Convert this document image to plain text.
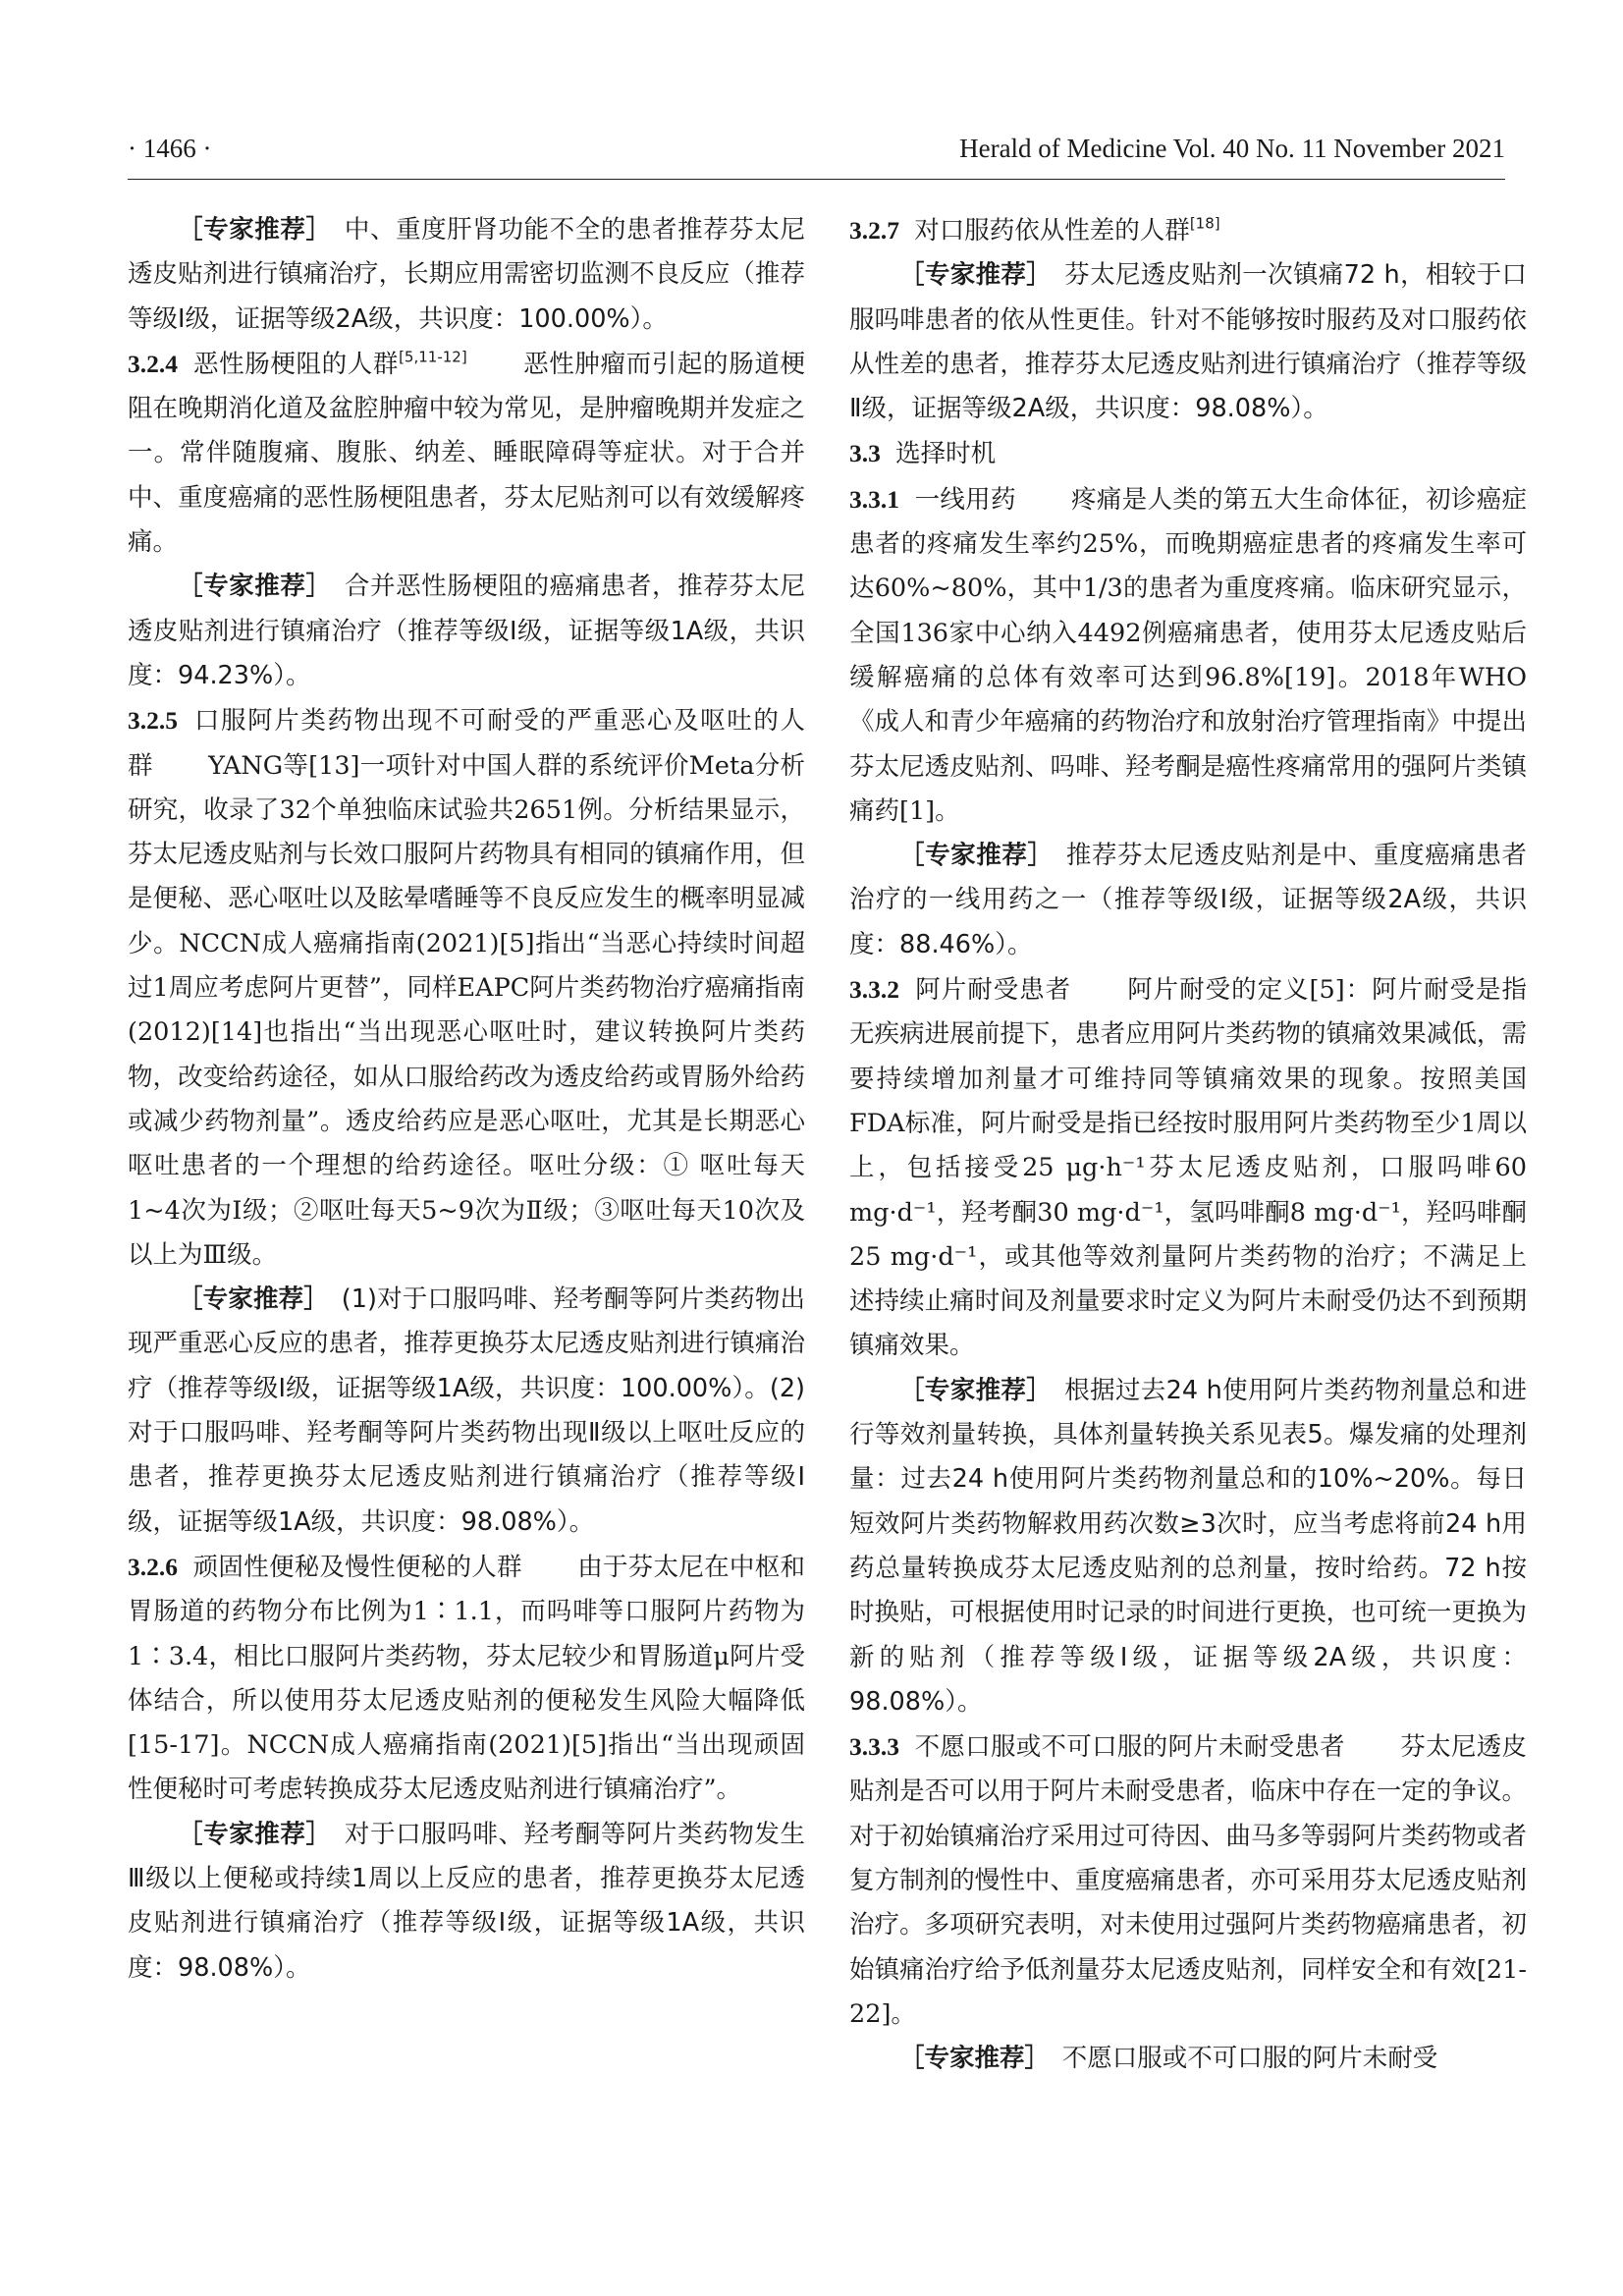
· 1466 ·	Herald of Medicine Vol. 40 No. 11 November 2021

［专家推荐］　中、重度肝肾功能不全的患者推荐芬太尼透皮贴剂进行镇痛治疗，长期应用需密切监测不良反应（推荐等级Ⅰ级，证据等级2A级，共识度：100.00%）。

3.2.4 恶性肠梗阻的人群[5,11-12]　恶性肿瘤而引起的肠道梗阻在晚期消化道及盆腔肿瘤中较为常见，是肿瘤晚期并发症之一。常伴随腹痛、腹胀、纳差、睡眠障碍等症状。对于合并中、重度癌痛的恶性肠梗阻患者，芬太尼贴剂可以有效缓解疼痛。

［专家推荐］　合并恶性肠梗阻的癌痛患者，推荐芬太尼透皮贴剂进行镇痛治疗（推荐等级Ⅰ级，证据等级1A级，共识度：94.23%）。

3.2.5 口服阿片类药物出现不可耐受的严重恶心及呕吐的人群　YANG等[13]一项针对中国人群的系统评价Meta分析研究，收录了32个单独临床试验共2651例。分析结果显示，芬太尼透皮贴剂与长效口服阿片药物具有相同的镇痛作用，但是便秘、恶心呕吐以及眩晕嗜睡等不良反应发生的概率明显减少。NCCN成人癌痛指南(2021)[5]指出“当恶心持续时间超过1周应考虑阿片更替”，同样EAPC阿片类药物治疗癌痛指南(2012)[14]也指出“当出现恶心呕吐时，建议转换阿片类药物，改变给药途径，如从口服给药改为透皮给药或胃肠外给药或减少药物剂量”。透皮给药应是恶心呕吐，尤其是长期恶心呕吐患者的一个理想的给药途径。呕吐分级：① 呕吐每天1~4次为Ⅰ级；②呕吐每天5~9次为Ⅱ级；③呕吐每天10次及以上为Ⅲ级。

［专家推荐］　(1)对于口服吗啡、羟考酮等阿片类药物出现严重恶心反应的患者，推荐更换芬太尼透皮贴剂进行镇痛治疗（推荐等级Ⅰ级，证据等级1A级，共识度：100.00%）。(2)对于口服吗啡、羟考酮等阿片类药物出现Ⅱ级以上呕吐反应的患者，推荐更换芬太尼透皮贴剂进行镇痛治疗（推荐等级Ⅰ级，证据等级1A级，共识度：98.08%）。

3.2.6 顽固性便秘及慢性便秘的人群　由于芬太尼在中枢和胃肠道的药物分布比例为1∶1.1，而吗啡等口服阿片药物为1∶3.4，相比口服阿片类药物，芬太尼较少和胃肠道μ阿片受体结合，所以使用芬太尼透皮贴剂的便秘发生风险大幅降低[15-17]。NCCN成人癌痛指南(2021)[5]指出“当出现顽固性便秘时可考虑转换成芬太尼透皮贴剂进行镇痛治疗”。

［专家推荐］　对于口服吗啡、羟考酮等阿片类药物发生Ⅲ级以上便秘或持续1周以上反应的患者，推荐更换芬太尼透皮贴剂进行镇痛治疗（推荐等级Ⅰ级，证据等级1A级，共识度：98.08%）。

3.2.7 对口服药依从性差的人群[18]

［专家推荐］　芬太尼透皮贴剂一次镇痛72 h，相较于口服吗啡患者的依从性更佳。针对不能够按时服药及对口服药依从性差的患者，推荐芬太尼透皮贴剂进行镇痛治疗（推荐等级Ⅱ级，证据等级2A级，共识度：98.08%）。

3.3 选择时机

3.3.1 一线用药　疼痛是人类的第五大生命体征，初诊癌症患者的疼痛发生率约25%，而晚期癌症患者的疼痛发生率可达60%~80%，其中1/3的患者为重度疼痛。临床研究显示，全国136家中心纳入4492例癌痛患者，使用芬太尼透皮贴后缓解癌痛的总体有效率可达到96.8%[19]。2018年WHO《成人和青少年癌痛的药物治疗和放射治疗管理指南》中提出芬太尼透皮贴剂、吗啡、羟考酮是癌性疼痛常用的强阿片类镇痛药[1]。

［专家推荐］　推荐芬太尼透皮贴剂是中、重度癌痛患者治疗的一线用药之一（推荐等级Ⅰ级，证据等级2A级，共识度：88.46%）。

3.3.2 阿片耐受患者　阿片耐受的定义[5]：阿片耐受是指无疾病进展前提下，患者应用阿片类药物的镇痛效果减低，需要持续增加剂量才可维持同等镇痛效果的现象。按照美国FDA标准，阿片耐受是指已经按时服用阿片类药物至少1周以上，包括接受25 μg·h⁻¹芬太尼透皮贴剂，口服吗啡60 mg·d⁻¹，羟考酮30 mg·d⁻¹，氢吗啡酮8 mg·d⁻¹，羟吗啡酮25 mg·d⁻¹，或其他等效剂量阿片类药物的治疗；不满足上述持续止痛时间及剂量要求时定义为阿片未耐受仍达不到预期镇痛效果。

［专家推荐］　根据过去24 h使用阿片类药物剂量总和进行等效剂量转换，具体剂量转换关系见表5。爆发痛的处理剂量：过去24 h使用阿片类药物剂量总和的10%~20%。每日短效阿片类药物解救用药次数≥3次时，应当考虑将前24 h用药总量转换成芬太尼透皮贴剂的总剂量，按时给药。72 h按时换贴，可根据使用时记录的时间进行更换，也可统一更换为新的贴剂（推荐等级Ⅰ级，证据等级2A级，共识度：98.08%）。

3.3.3 不愿口服或不可口服的阿片未耐受患者　芬太尼透皮贴剂是否可以用于阿片未耐受患者，临床中存在一定的争议。对于初始镇痛治疗采用过可待因、曲马多等弱阿片类药物或者复方制剂的慢性中、重度癌痛患者，亦可采用芬太尼透皮贴剂治疗。多项研究表明，对未使用过强阿片类药物癌痛患者，初始镇痛治疗给予低剂量芬太尼透皮贴剂，同样安全和有效[21-22]。

［专家推荐］　不愿口服或不可口服的阿片未耐受
